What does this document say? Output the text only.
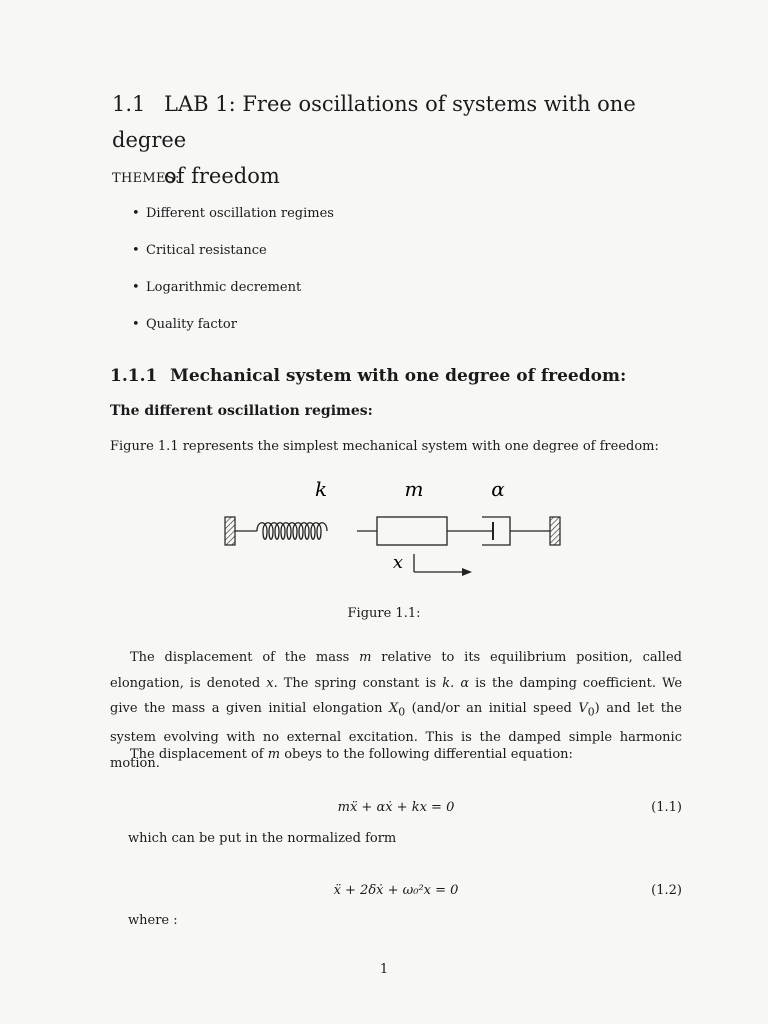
1.1 LAB 1: Free oscillations of systems with one degree
of freedom
THEMES:
• Different oscillation regimes
• Critical resistance
• Logarithmic decrement
• Quality factor
1.1.1 Mechanical system with one degree of freedom:
The different oscillation regimes:
Figure 1.1 represents the simplest mechanical system with one degree of freedom:
k	m	α
x
Figure 1.1:
The displacement of the mass m relative to its equilibrium position, called elongation, is denoted x. The spring constant is k. α is the damping coefficient. We give the mass a given initial elongation $X_0$ (and/or an initial speed $V_0$) and let the system evolving with no external excitation. This is the damped simple harmonic motion.
The displacement of m obeys to the following differential equation:
mẍ + αẋ + kx = 0	(1.1)
which can be put in the normalized form
ẍ + 2δẋ + ω₀²x = 0	(1.2)
where :
1
